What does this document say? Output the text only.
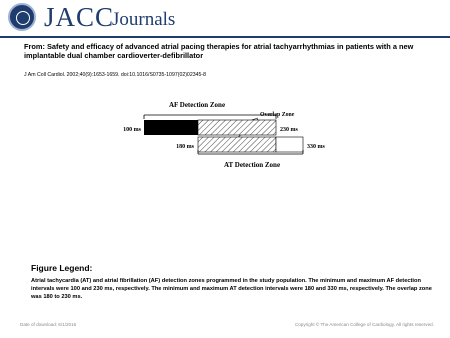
JACC
Journals
From: Safety and efficacy of advanced atrial pacing therapies for atrial tachyarrhythmias in patients with a new implantable dual chamber cardioverter-defibrillator
J Am Coll Cardiol. 2002;40(9):1653-1659. doi:10.1016/S0735-1097(02)02345-8
AF Detection Zone
Overlap Zone
100 ms	230 ms
180 ms	330 ms
AT Detection Zone
Figure Legend:
Atrial tachycardia (AT) and atrial fibrillation (AF) detection zones programmed in the study population. The minimum and maximum AF detection intervals were 100 and 230 ms, respectively. The minimum and maximum AT detection intervals were 180 and 330 ms, respectively. The overlap zone was 180 to 230 ms.
Date of download: 6/1/2016	Copyright © The American College of Cardiology. All rights reserved.
